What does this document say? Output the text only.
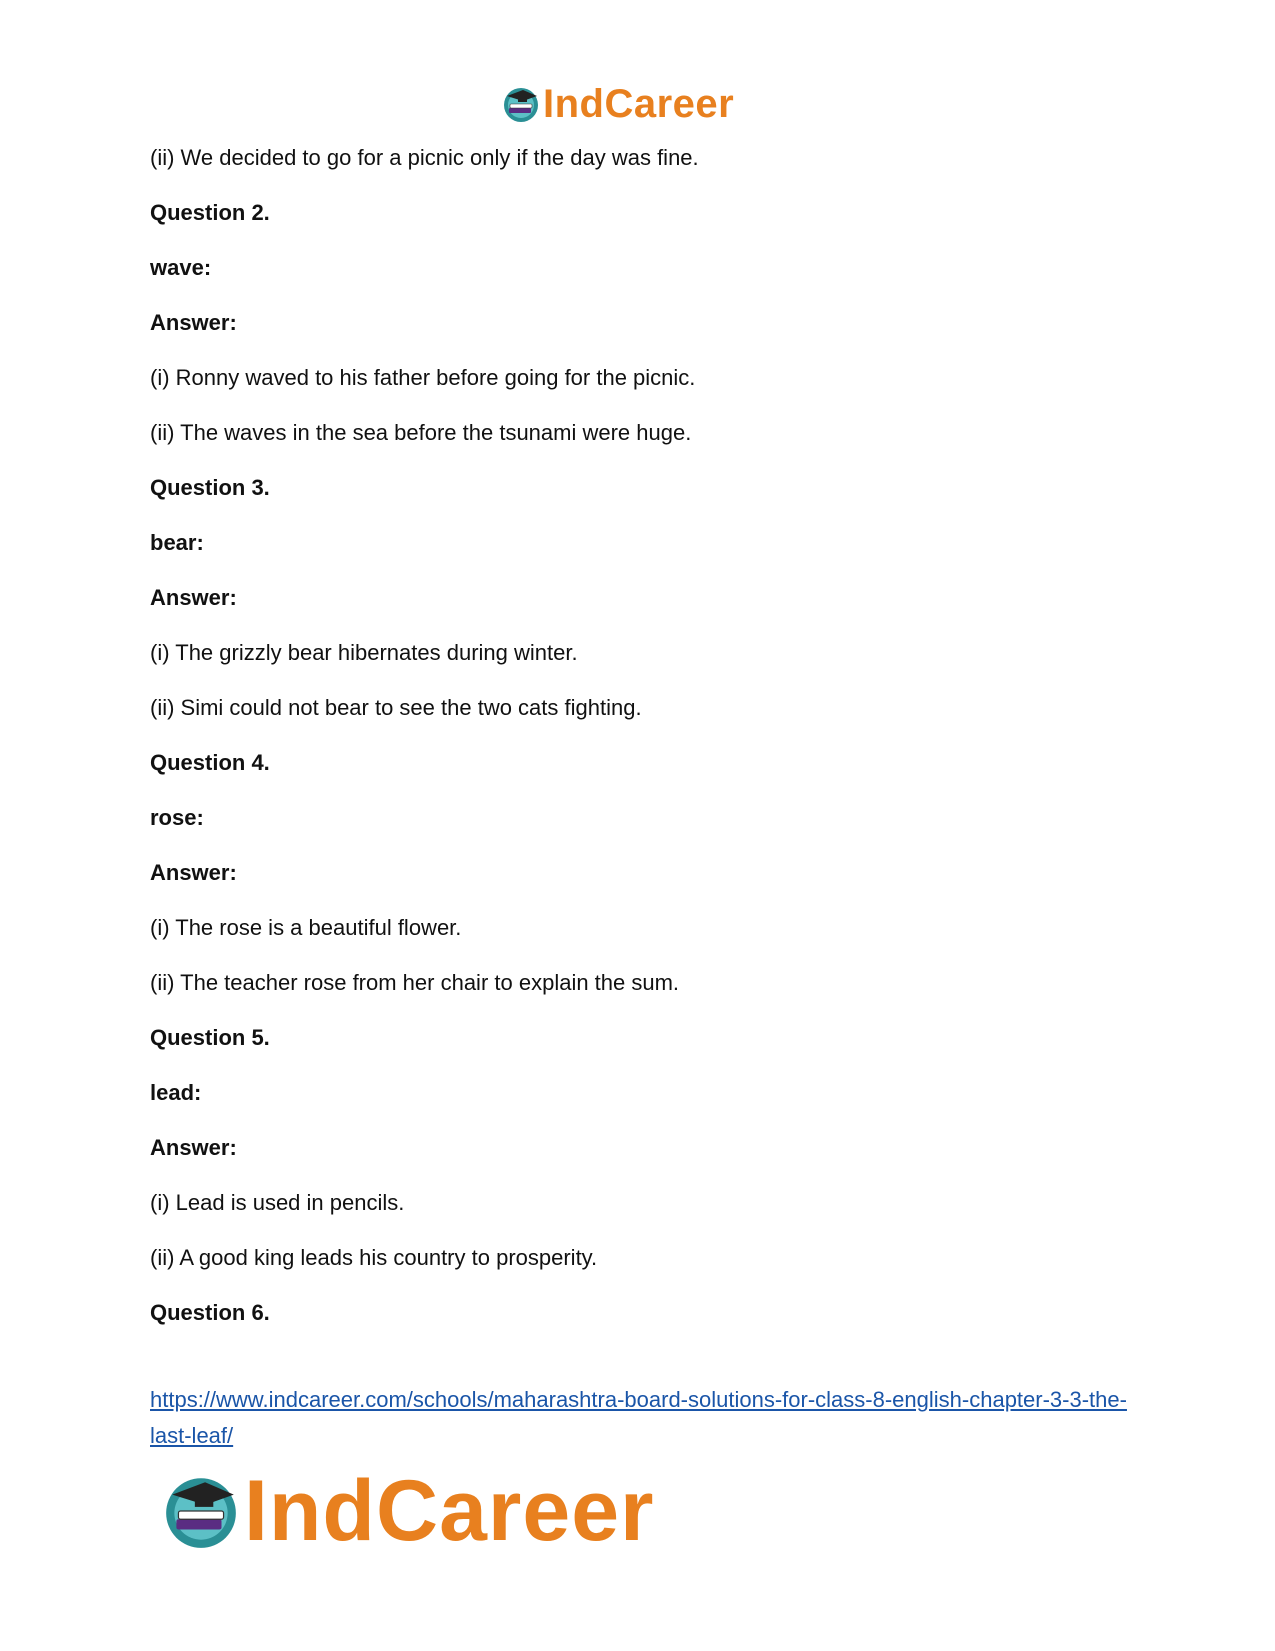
IndCareer
(ii) We decided to go for a picnic only if the day was fine.
Question 2.
wave:
Answer:
(i) Ronny waved to his father before going for the picnic.
(ii) The waves in the sea before the tsunami were huge.
Question 3.
bear:
Answer:
(i) The grizzly bear hibernates during winter.
(ii) Simi could not bear to see the two cats fighting.
Question 4.
rose:
Answer:
(i) The rose is a beautiful flower.
(ii) The teacher rose from her chair to explain the sum.
Question 5.
lead:
Answer:
(i) Lead is used in pencils.
(ii) A good king leads his country to prosperity.
Question 6.
https://www.indcareer.com/schools/maharashtra-board-solutions-for-class-8-english-chapter-3-3-the-last-leaf/
IndCareer
